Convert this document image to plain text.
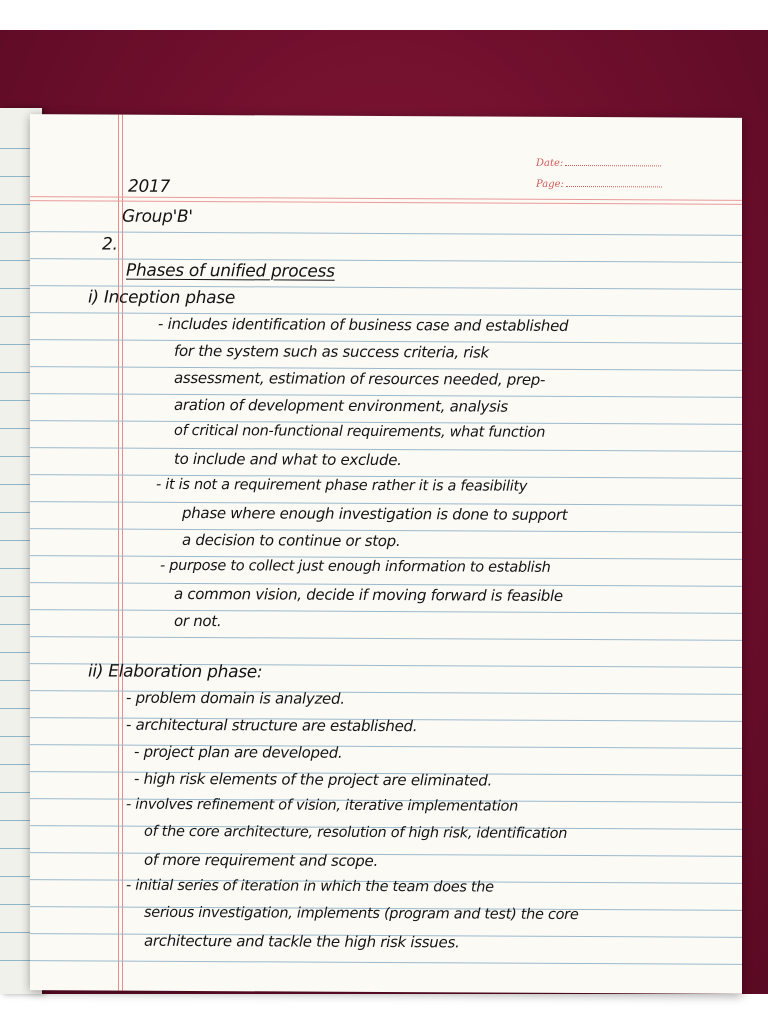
Date:
Page:
2017
Group'B'
2.
Phases of unified process
i) Inception phase
- includes identification of business case and established
for the system such as success criteria, risk
assessment, estimation of resources needed, prep-
aration of development environment, analysis
of critical non-functional requirements, what function
to include and what to exclude.
- it is not a requirement phase rather it is a feasibility
phase where enough investigation is done to support
a decision to continue or stop.
- purpose to collect just enough information to establish
a common vision, decide if moving forward is feasible
or not.
ii) Elaboration phase:
- problem domain is analyzed.
- architectural structure are established.
- project plan are developed.
- high risk elements of the project are eliminated.
- involves refinement of vision, iterative implementation
of the core architecture, resolution of high risk, identification
of more requirement and scope.
- initial series of iteration in which the team does the
serious investigation, implements (program and test) the core
architecture and tackle the high risk issues.
